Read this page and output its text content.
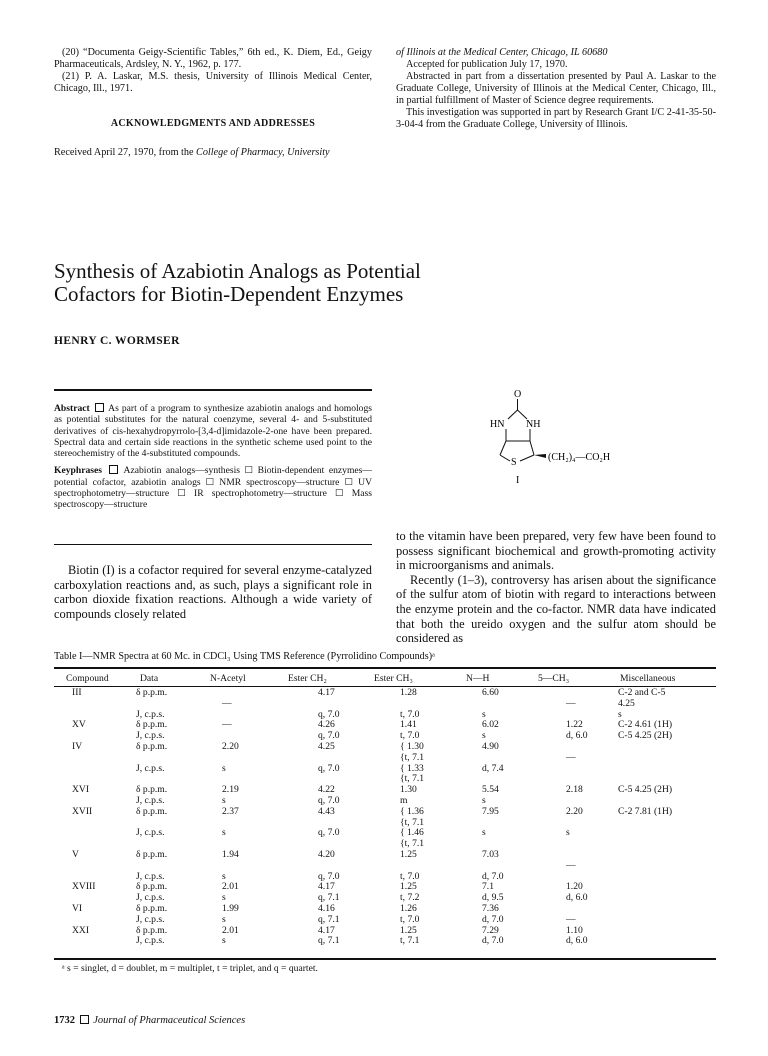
(20) “Documenta Geigy-Scientific Tables,” 6th ed., K. Diem, Ed., Geigy Pharmaceuticals, Ardsley, N. Y., 1962, p. 177.

(21) P. A. Laskar, M.S. thesis, University of Illinois Medical Center, Chicago, Ill., 1971.

ACKNOWLEDGMENTS AND ADDRESSES
Received April 27, 1970, from the College of Pharmacy, University

of Illinois at the Medical Center, Chicago, IL 60680

Accepted for publication July 17, 1970.

Abstracted in part from a dissertation presented by Paul A. Laskar to the Graduate College, University of Illinois at the Medical Center, Chicago, Ill., in partial fulfillment of Master of Science degree requirements.

This investigation was supported in part by Research Grant I/C 2-41-35-50-3-04-4 from the Graduate College, University of Illinois.

Synthesis of Azabiotin Analogs as Potential
Cofactors for Biotin-Dependent Enzymes
HENRY C. WORMSER

Abstract As part of a program to synthesize azabiotin analogs and homologs as potential substitutes for the natural coenzyme, several 4- and 5-substituted derivatives of cis-hexahydropyrrolo-[3,4-d]imidazole-2-one have been prepared. Spectral data and certain side reactions in the synthetic scheme used point to the stereochemistry of the 4-substituted compounds.

Keyphrases Azabiotin analogs—synthesis ☐ Biotin-dependent enzymes—potential cofactor, azabiotin analogs ☐ NMR spectroscopy—structure ☐ UV spectrophotometry—structure ☐ IR spectrophotometry—structure ☐ Mass spectroscopy—structure

O
HN NH
S	(CH₂)₄—CO₂H
I

Biotin (I) is a cofactor required for several enzyme-catalyzed carboxylation reactions and, as such, plays a significant role in carbon dioxide fixation reactions. Although a wide variety of compounds closely related

to the vitamin have been prepared, very few have been found to possess significant biochemical and growth-promoting activity in microorganisms and animals.

Recently (1–3), controversy has arisen about the significance of the sulfur atom of biotin with regard to interactions between the enzyme protein and the co-factor. NMR data have indicated that both the ureido oxygen and the sulfur atom should be considered as

Table I—NMR Spectra at 60 Mc. in CDCl₃ Using TMS Reference (Pyrrolidino Compounds)ᵃ
Compound	Data	N-Acetyl	Ester CH₂	Ester CH₃	N—H	5—CH₃	Miscellaneous
III	δ p.p.m.		4.17	1.28	6.60		C-2 and C-5
		—				—	4.25
	J, c.p.s.		q, 7.0	t, 7.0	s		s
XV	δ p.p.m.	—	4.26	1.41	6.02	1.22	C-2 4.61 (1H)
	J, c.p.s.		q, 7.0	t, 7.0	s	d, 6.0	C-5 4.25 (2H)
IV	δ p.p.m.	2.20	4.25	{ 1.30	4.90		
				{t, 7.1		—	
	J, c.p.s.	s	q, 7.0	{ 1.33	d, 7.4		
				{t, 7.1			
XVI	δ p.p.m.	2.19	4.22	1.30	5.54	2.18	C-5 4.25 (2H)
	J, c.p.s.	s	q, 7.0	m	s		
XVII	δ p.p.m.	2.37	4.43	{ 1.36	7.95	2.20	C-2 7.81 (1H)
				{t, 7.1			
	J, c.p.s.	s	q, 7.0	{ 1.46	s	s	
				{t, 7.1			
V	δ p.p.m.	1.94	4.20	1.25	7.03		
						—	
	J, c.p.s.	s	q, 7.0	t, 7.0	d, 7.0		
XVIII	δ p.p.m.	2.01	4.17	1.25	7.1	1.20	
	J, c.p.s.	s	q, 7.1	t, 7.2	d, 9.5	d, 6.0	
VI	δ p.p.m.	1.99	4.16	1.26	7.36		
	J, c.p.s.	s	q, 7.1	t, 7.0	d, 7.0	—	
XXI	δ p.p.m.	2.01	4.17	1.25	7.29	1.10	
	J, c.p.s.	s	q, 7.1	t, 7.1	d, 7.0	d, 6.0	
ᵃ s = singlet, d = doublet, m = multiplet, t = triplet, and q = quartet.
1732 Journal of Pharmaceutical Sciences
